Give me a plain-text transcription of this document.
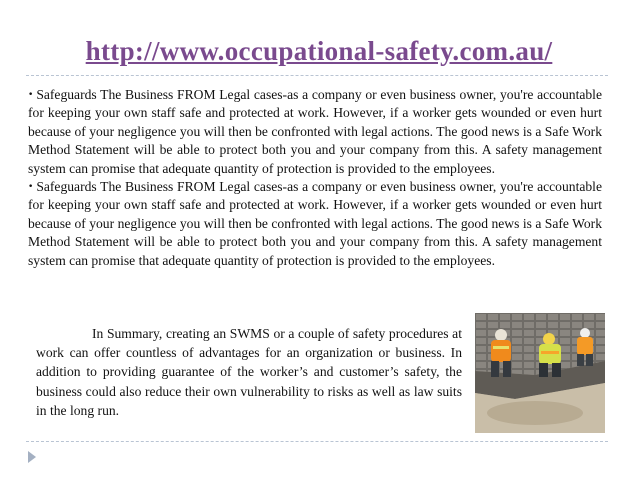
http://www.occupational-safety.com.au/

• Safeguards The Business FROM Legal cases-as a company or even business owner, you're accountable for keeping your own staff safe and protected at work. However, if a worker gets wounded or even hurt because of your negligence you will then be confronted with legal actions. The good news is a Safe Work Method Statement will be able to protect both you and your company from this. A safety management system can promise that adequate quantity of protection is provided to the employees.

• Safeguards The Business FROM Legal cases-as a company or even business owner, you're accountable for keeping your own staff safe and protected at work. However, if a worker gets wounded or even hurt because of your negligence you will then be confronted with legal actions. The good news is a Safe Work Method Statement will be able to protect both you and your company from this. A safety management system can promise that adequate quantity of protection is provided to the employees.

In Summary, creating an SWMS or a couple of safety procedures at work can offer countless of advantages for an organization or business. In addition to providing guarantee of the worker’s and customer’s safety, the business could also reduce their own vulnerability to risks as well as law suits in the long run.
